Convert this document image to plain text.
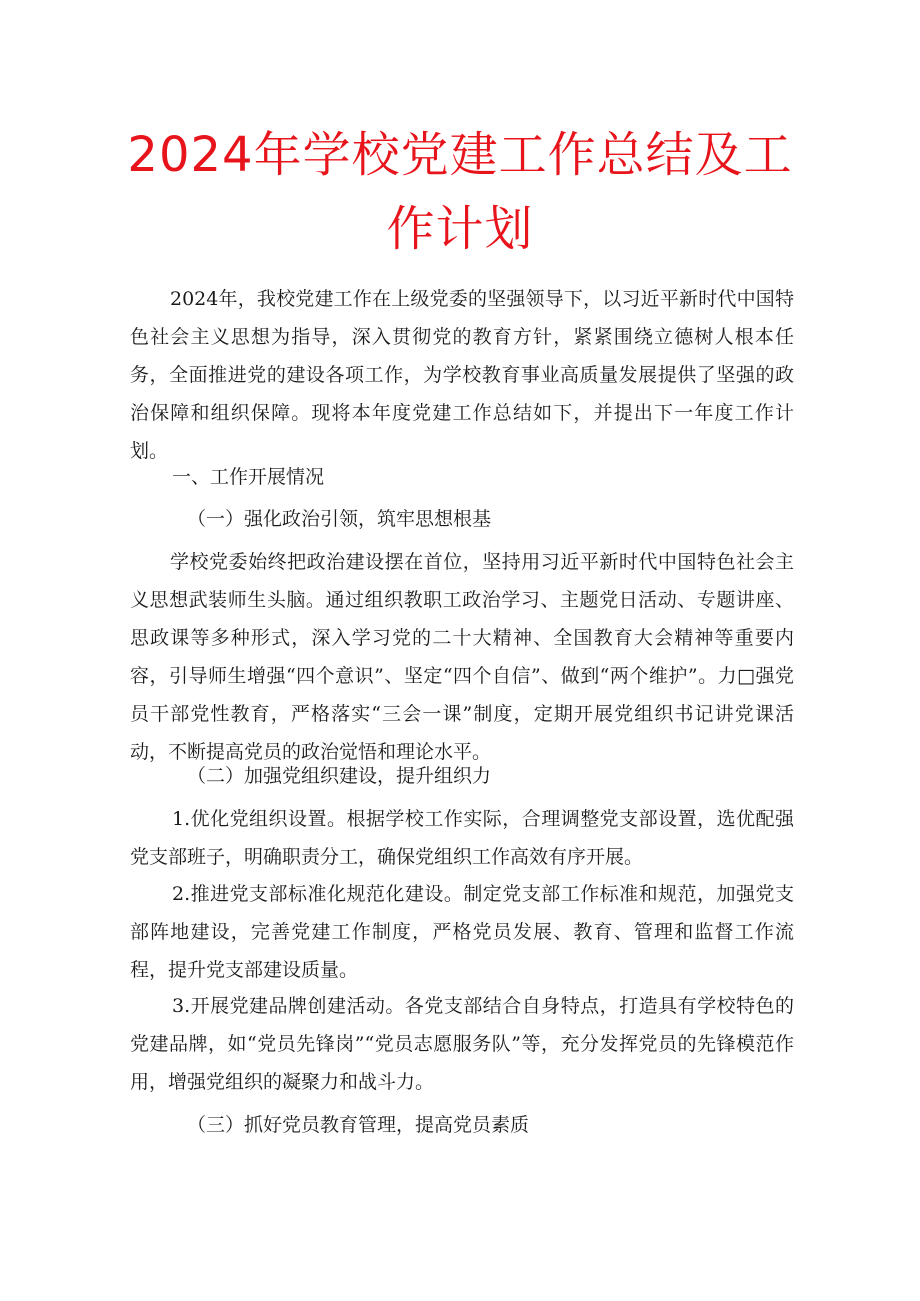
2024年学校党建工作总结及工作计划

2024年，我校党建工作在上级党委的坚强领导下，以习近平新时代中国特色社会主义思想为指导，深入贯彻党的教育方针，紧紧围绕立德树人根本任务，全面推进党的建设各项工作，为学校教育事业高质量发展提供了坚强的政治保障和组织保障。现将本年度党建工作总结如下，并提出下一年度工作计划。

一、工作开展情况

（一）强化政治引领，筑牢思想根基

学校党委始终把政治建设摆在首位，坚持用习近平新时代中国特色社会主义思想武装师生头脑。通过组织教职工政治学习、主题党日活动、专题讲座、思政课等多种形式，深入学习党的二十大精神、全国教育大会精神等重要内容，引导师生增强“四个意识”、坚定“四个自信”、做到“两个维护”。力□强党员干部党性教育，严格落实“三会一课”制度，定期开展党组织书记讲党课活动，不断提高党员的政治觉悟和理论水平。

（二）加强党组织建设，提升组织力

1.优化党组织设置。根据学校工作实际，合理调整党支部设置，选优配强党支部班子，明确职责分工，确保党组织工作高效有序开展。

2.推进党支部标准化规范化建设。制定党支部工作标准和规范，加强党支部阵地建设，完善党建工作制度，严格党员发展、教育、管理和监督工作流程，提升党支部建设质量。

3.开展党建品牌创建活动。各党支部结合自身特点，打造具有学校特色的党建品牌，如“党员先锋岗”“党员志愿服务队”等，充分发挥党员的先锋模范作用，增强党组织的凝聚力和战斗力。

（三）抓好党员教育管理，提高党员素质
